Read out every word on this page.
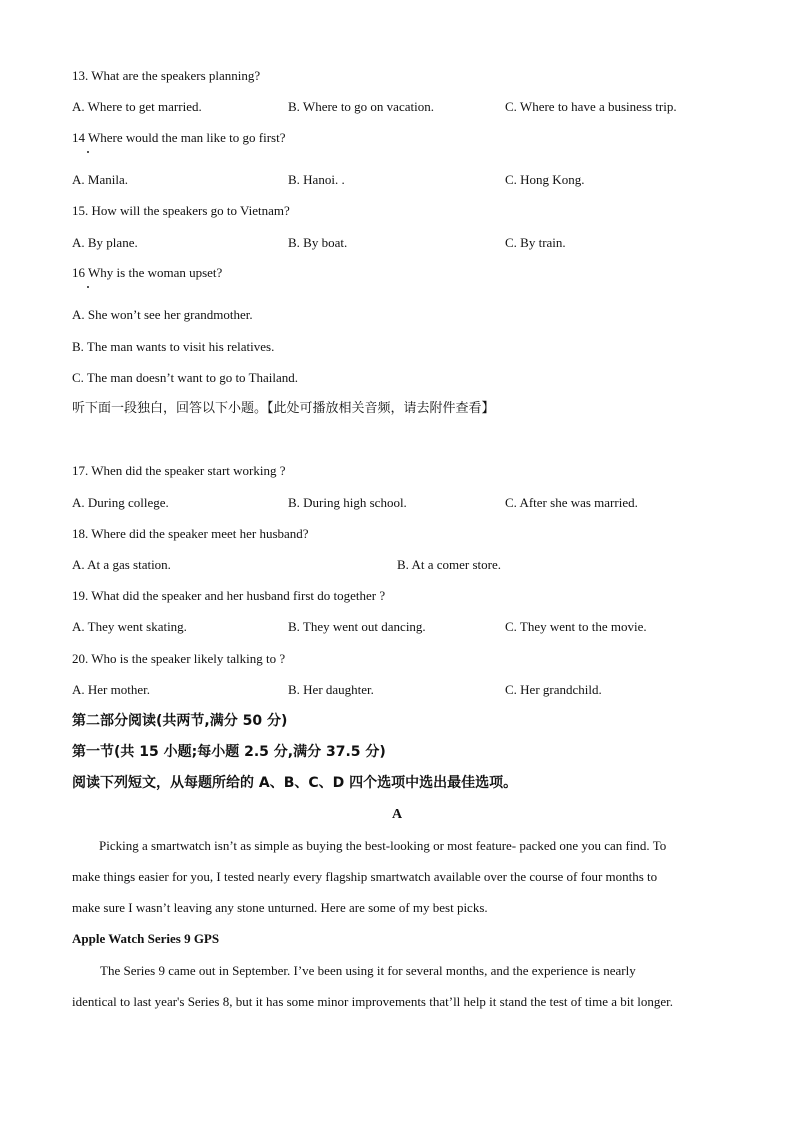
13. What are the speakers planning?
A. Where to get married.	B. Where to go on vacation.	C. Where to have a business trip.
14 Where would the man like to go first?
A. Manila.	B. Hanoi. .	C. Hong Kong.
15. How will the speakers go to Vietnam?
A. By plane.	B. By boat.	C. By train.
16 Why is the woman upset?
A. She won’t see her grandmother.
B. The man wants to visit his relatives.
C. The man doesn’t want to go to Thailand.
听下面一段独白，回答以下小题。【此处可播放相关音频，请去附件查看】
17. When did the speaker start working ?
A. During college.	B. During high school.	C. After she was married.
18. Where did the speaker meet her husband?
A. At a gas station.	B. At a comer store.
19. What did the speaker and her husband first do together ?
A. They went skating.	B. They went out dancing.	C. They went to the movie.
20. Who is the speaker likely talking to ?
A. Her mother.	B. Her daughter.	C. Her grandchild.
第二部分阅读(共两节,满分 50 分)
第一节(共 15 小题;每小题 2.5 分,满分 37.5 分)
阅读下列短文，从每题所给的 A、B、C、D 四个选项中选出最佳选项。
A
Picking a smartwatch isn’t as simple as buying the best-looking or most feature- packed one you can find. To
make things easier for you, I tested nearly every flagship smartwatch available over the course of four months to
make sure I wasn’t leaving any stone unturned. Here are some of my best picks.
Apple Watch Series 9 GPS
The Series 9 came out in September. I’ve been using it for several months, and the experience is nearly
identical to last year's Series 8, but it has some minor improvements that’ll help it stand the test of time a bit longer.
